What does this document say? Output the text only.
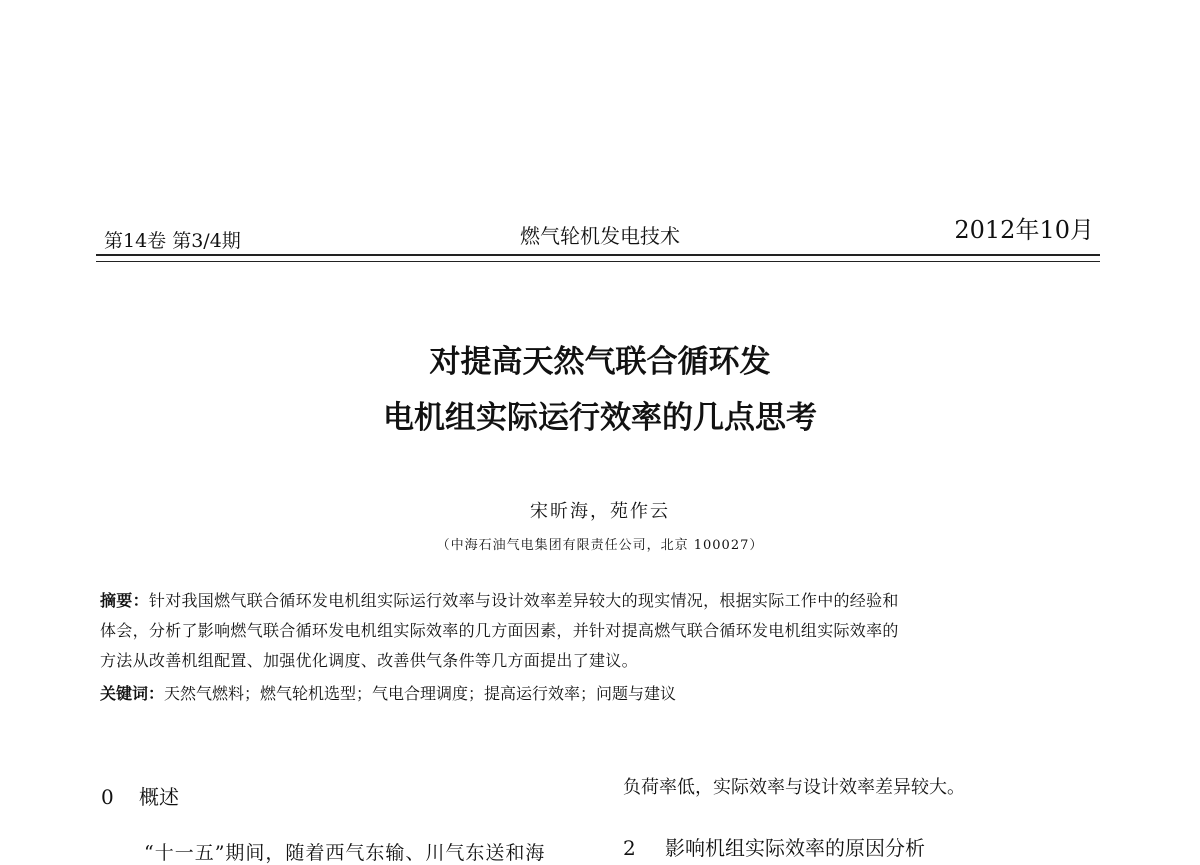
第14卷 第3/4期	燃气轮机发电技术	2012年10月
对提高天然气联合循环发
电机组实际运行效率的几点思考
宋昕海，苑作云
（中海石油气电集团有限责任公司，北京 100027）

摘要：针对我国燃气联合循环发电机组实际运行效率与设计效率差异较大的现实情况，根据实际工作中的经验和

体会，分析了影响燃气联合循环发电机组实际效率的几方面因素，并针对提高燃气联合循环发电机组实际效率的

方法从改善机组配置、加强优化调度、改善供气条件等几方面提出了建议。

关键词：天然气燃料；燃气轮机选型；气电合理调度；提高运行效率；问题与建议
0 概述	负荷率低，实际效率与设计效率差异较大。
2 影响机组实际效率的原因分析
“十一五”期间，随着西气东输、川气东送和海
